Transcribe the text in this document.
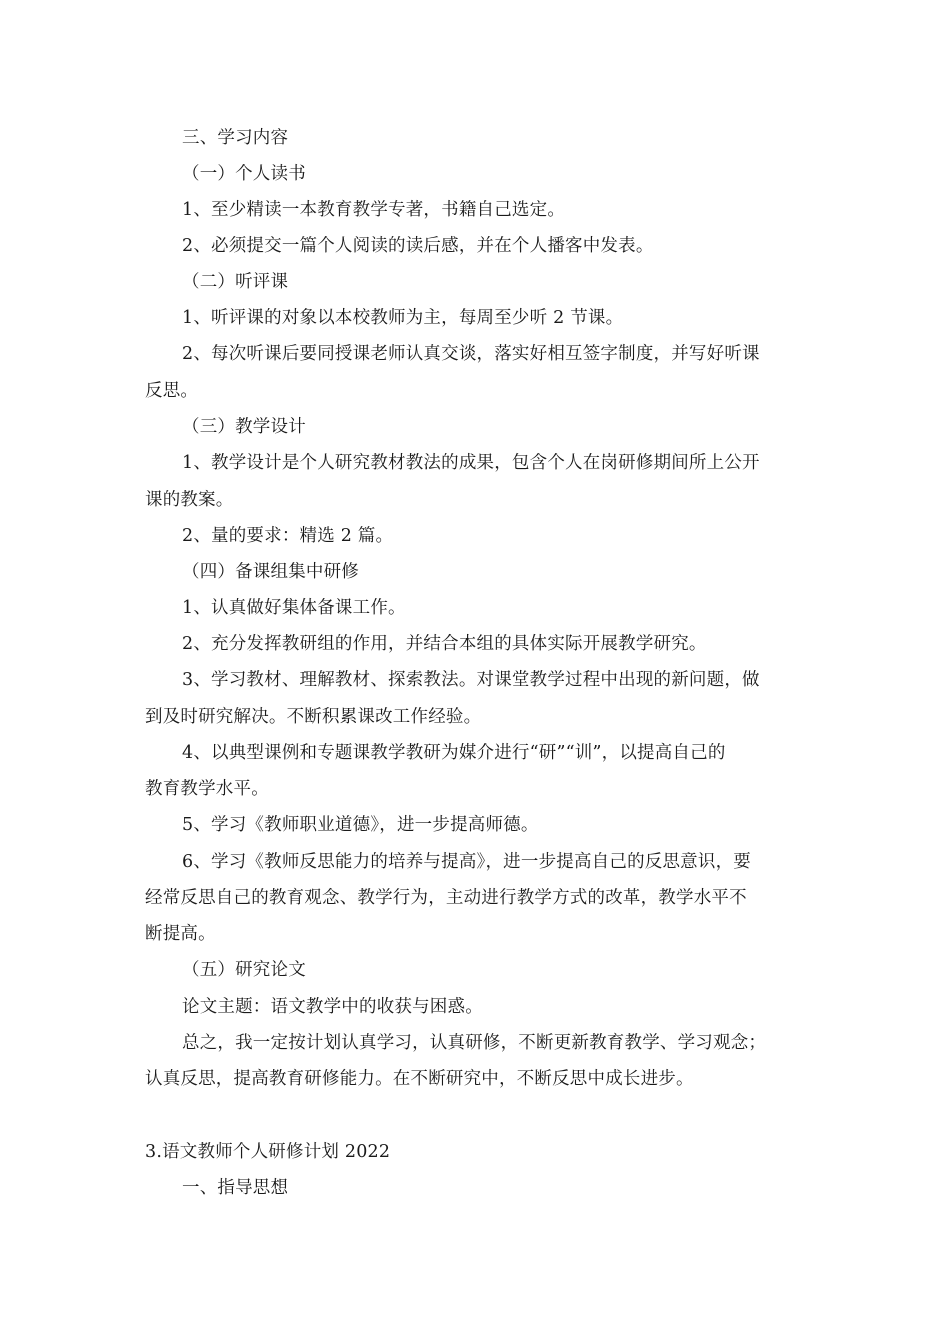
三、学习内容
（一）个人读书
1、至少精读一本教育教学专著，书籍自己选定。
2、必须提交一篇个人阅读的读后感，并在个人播客中发表。
（二）听评课
1、听评课的对象以本校教师为主，每周至少听 2 节课。
2、每次听课后要同授课老师认真交谈，落实好相互签字制度，并写好听课
反思。
（三）教学设计
1、教学设计是个人研究教材教法的成果，包含个人在岗研修期间所上公开
课的教案。
2、量的要求：精选 2 篇。
（四）备课组集中研修
1、认真做好集体备课工作。
2、充分发挥教研组的作用，并结合本组的具体实际开展教学研究。
3、学习教材、理解教材、探索教法。对课堂教学过程中出现的新问题，做
到及时研究解决。不断积累课改工作经验。
4、以典型课例和专题课教学教研为媒介进行“研”“训”，以提高自己的
教育教学水平。
5、学习《教师职业道德》，进一步提高师德。
6、学习《教师反思能力的培养与提高》，进一步提高自己的反思意识，要
经常反思自己的教育观念、教学行为，主动进行教学方式的改革，教学水平不
断提高。
（五）研究论文
论文主题：语文教学中的收获与困惑。
总之，我一定按计划认真学习，认真研修，不断更新教育教学、学习观念；
认真反思，提高教育研修能力。在不断研究中，不断反思中成长进步。
3.语文教师个人研修计划 2022
一、指导思想
